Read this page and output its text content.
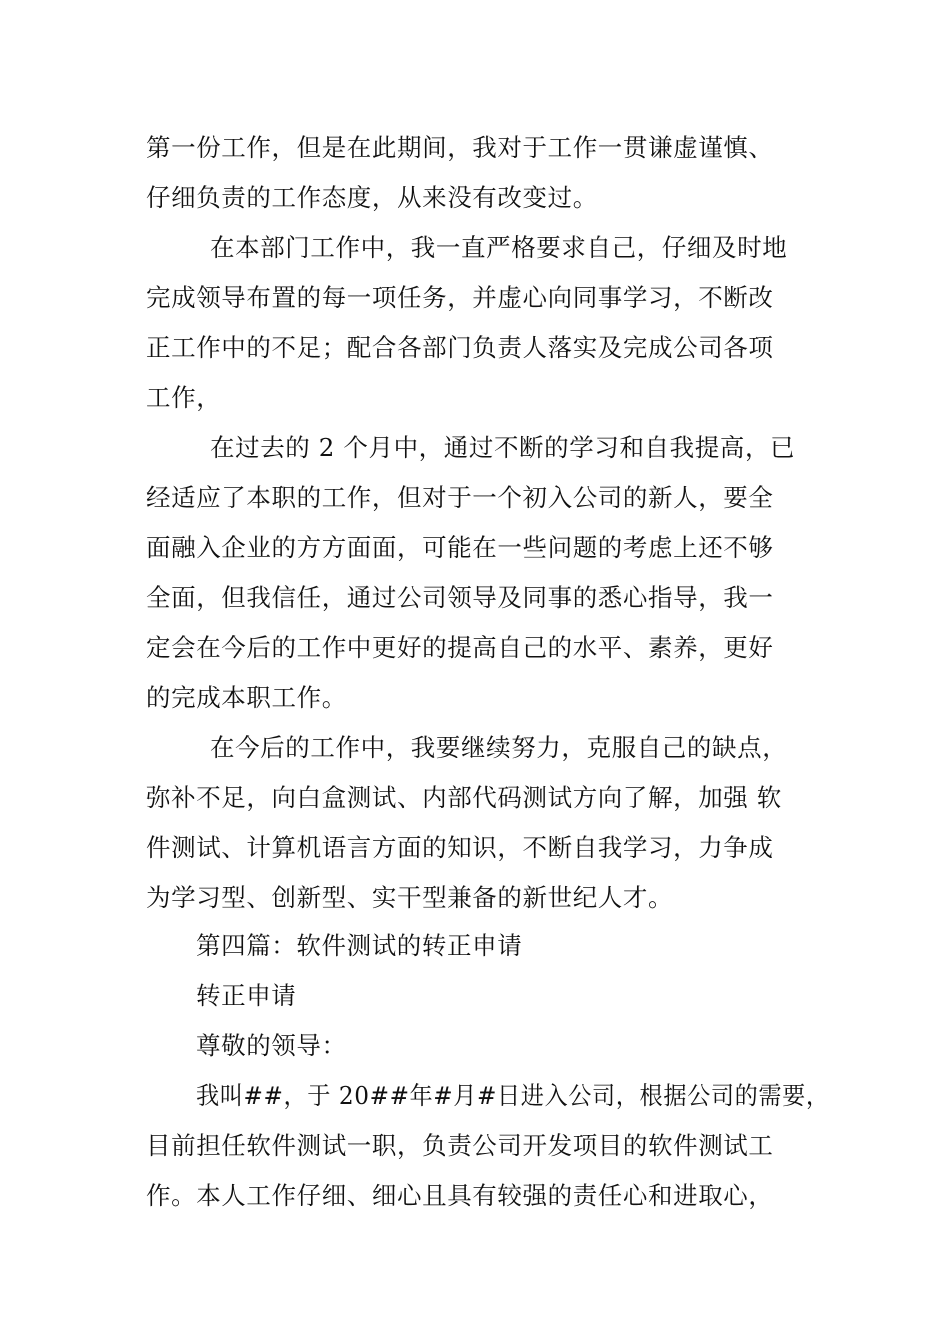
第一份工作，但是在此期间，我对于工作一贯谦虚谨慎、
仔细负责的工作态度，从来没有改变过。
在本部门工作中，我一直严格要求自己，仔细及时地
完成领导布置的每一项任务，并虚心向同事学习，不断改
正工作中的不足；配合各部门负责人落实及完成公司各项
工作，
在过去的 2 个月中，通过不断的学习和自我提高，已
经适应了本职的工作，但对于一个初入公司的新人，要全
面融入企业的方方面面，可能在一些问题的考虑上还不够
全面，但我信任，通过公司领导及同事的悉心指导，我一
定会在今后的工作中更好的提高自己的水平、素养，更好
的完成本职工作。
在今后的工作中，我要继续努力，克服自己的缺点，
弥补不足，向白盒测试、内部代码测试方向了解，加强 软
件测试、计算机语言方面的知识，不断自我学习，力争成
为学习型、创新型、实干型兼备的新世纪人才。
第四篇：软件测试的转正申请
转正申请
尊敬的领导：
我叫##，于 20##年#月#日进入公司，根据公司的需要，
目前担任软件测试一职，负责公司开发项目的软件测试工
作。本人工作仔细、细心且具有较强的责任心和进取心，
